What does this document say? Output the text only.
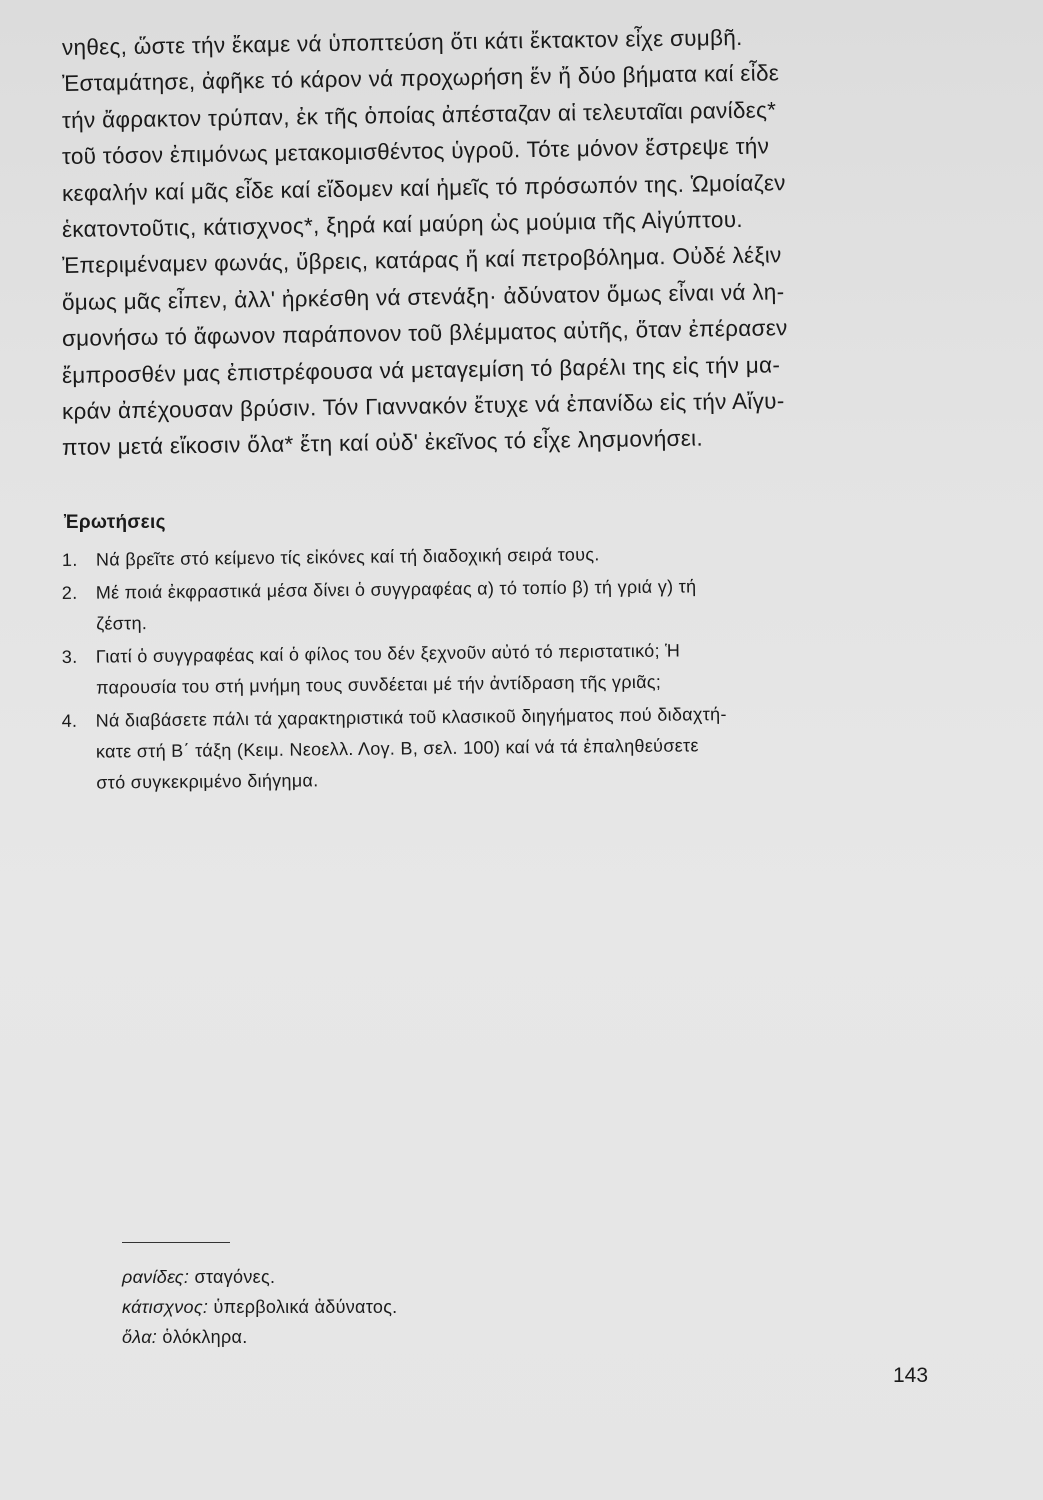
νηθες, ὥστε τήν ἔκαμε νά ὑποπτεύση ὅτι κάτι ἔκτακτον εἶχε συμβῆ.
Ἐσταμάτησε, ἀφῆκε τό κάρον νά προχωρήση ἕν ἤ δύο βήματα καί εἶδε
τήν ἄφρακτον τρύπαν, ἐκ τῆς ὁποίας ἀπέσταζαν αἱ τελευταῖαι ρανίδες*
τοῦ τόσον ἐπιμόνως μετακομισθέντος ὑγροῦ. Τότε μόνον ἔστρεψε τήν
κεφαλήν καί μᾶς εἶδε καί εἴδομεν καί ἡμεῖς τό πρόσωπόν της. Ὡμοίαζεν
ἑκατοντοῦτις, κάτισχνος*, ξηρά καί μαύρη ὡς μούμια τῆς Αἰγύπτου.
Ἐπεριμέναμεν φωνάς, ὕβρεις, κατάρας ἤ καί πετροβόλημα. Οὐδέ λέξιν
ὅμως μᾶς εἶπεν, ἀλλ' ἠρκέσθη νά στενάξη· ἀδύνατον ὅμως εἶναι νά λη-
σμονήσω τό ἄφωνον παράπονον τοῦ βλέμματος αὐτῆς, ὅταν ἐπέρασεν
ἔμπροσθέν μας ἐπιστρέφουσα νά μεταγεμίση τό βαρέλι της εἰς τήν μα-
κράν ἀπέχουσαν βρύσιν. Τόν Γιαννακόν ἔτυχε νά ἐπανίδω εἰς τήν Αἴγυ-
πτον μετά εἴκοσιν ὅλα* ἔτη καί οὐδ' ἐκεῖνος τό εἶχε λησμονήσει.
Ἐρωτήσεις
1. Νά βρεῖτε στό κείμενο τίς εἰκόνες καί τή διαδοχική σειρά τους.
2. Μέ ποιά ἐκφραστικά μέσα δίνει ὁ συγγραφέας α) τό τοπίο β) τή γριά γ) τή
ζέστη.
3. Γιατί ὁ συγγραφέας καί ὁ φίλος του δέν ξεχνοῦν αὐτό τό περιστατικό; Ἡ
παρουσία του στή μνήμη τους συνδέεται μέ τήν ἀντίδραση τῆς γριᾶς;
4. Νά διαβάσετε πάλι τά χαρακτηριστικά τοῦ κλασικοῦ διηγήματος πού διδαχτή-
κατε στή Β΄ τάξη (Κειμ. Νεοελλ. Λογ. Β, σελ. 100) καί νά τά ἐπαληθεύσετε
στό συγκεκριμένο διήγημα.
ρανίδες: σταγόνες.
κάτισχνος: ὑπερβολικά ἀδύνατος.
ὅλα: ὁλόκληρα.
143
